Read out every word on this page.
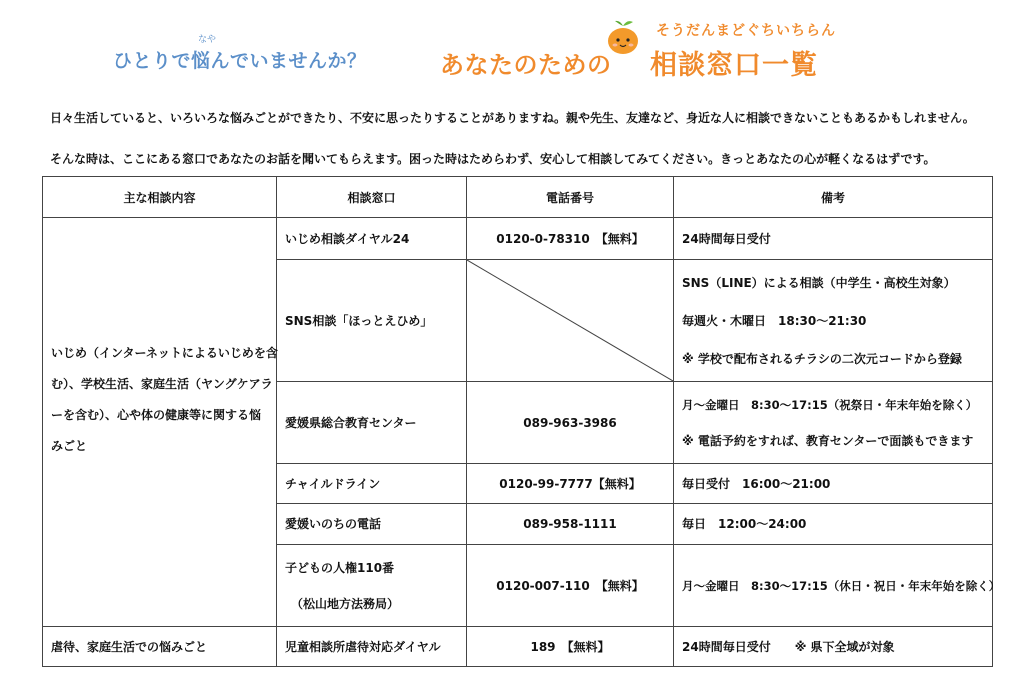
なや
ひとりで悩んでいませんか？	あなたのための
そうだんまどぐちいちらん
相談窓口一覧
日々生活していると、いろいろな悩みごとができたり、不安に思ったりすることがありますね。親や先生、友達など、身近な人に相談できないこともあるかもしれません。
そんな時は、ここにある窓口であなたのお話を聞いてもらえます。困った時はためらわず、安心して相談してみてください。きっとあなたの心が軽くなるはずです。
主な相談内容	相談窓口	電話番号	備考

いじめ（インターネットによるいじめを含
む）、学校生活、家庭生活（ヤングケアラ
ーを含む）、心や体の健康等に関する悩
みごと	いじめ相談ダイヤル24	0120-0-78310　【無料】	24時間毎日受付

	SNS相談「ほっとえひめ」		SNS（LINE）による相談（中学生・高校生対象）
毎週火・木曜日　18:30～21:30
※ 学校で配布されるチラシの二次元コードから登録

	愛媛県総合教育センター	089-963-3986	月～金曜日　8:30～17:15（祝祭日・年末年始を除く）
※ 電話予約をすれば、教育センターで面談もできます

	チャイルドライン	0120-99-7777【無料】	毎日受付　16:00～21:00

	愛媛いのちの電話	089-958-1111	毎日　12:00～24:00

	子どもの人権110番
　（松山地方法務局）	0120-007-110　【無料】	月～金曜日　8:30～17:15（休日・祝日・年末年始を除く）

虐待、家庭生活での悩みごと	児童相談所虐待対応ダイヤル	189　【無料】	24時間毎日受付　　※ 県下全域が対象
